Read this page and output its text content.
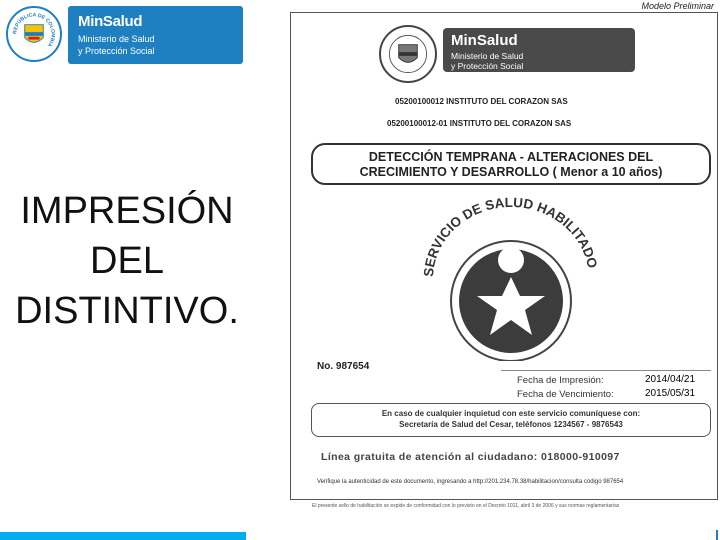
REPÚBLICA DE COLOMBIA
MinSalud
Ministerio de Salud
y Protección Social
Modelo Preliminar
IMPRESIÓN
DEL
DISTINTIVO.
MinSalud
Ministerio de Salud
y Protección Social
05200100012 INSTITUTO DEL CORAZON SAS
05200100012-01 INSTITUTO DEL CORAZON SAS
DETECCIÓN TEMPRANA - ALTERACIONES DEL
CRECIMIENTO Y DESARROLLO ( Menor a 10 años)
SERVICIO DE SALUD HABILITADO
No. 987654
Fecha de Impresión:	2014/04/21
Fecha de Vencimiento:	2015/05/31
En caso de cualquier inquietud con este servicio comuníquese con:
Secretaría de Salud del Cesar, teléfonos 1234567 - 9876543
Línea gratuita de atención al ciudadano: 018000-910097
Verifique la autenticidad de este documento, ingresando a http://201.234.78.38/habilitacion/consulta código 987654
El presente sello de habilitación se expide de conformidad con lo previsto en el Decreto 1011, abril 3 de 2006 y sus normas reglamentarias
